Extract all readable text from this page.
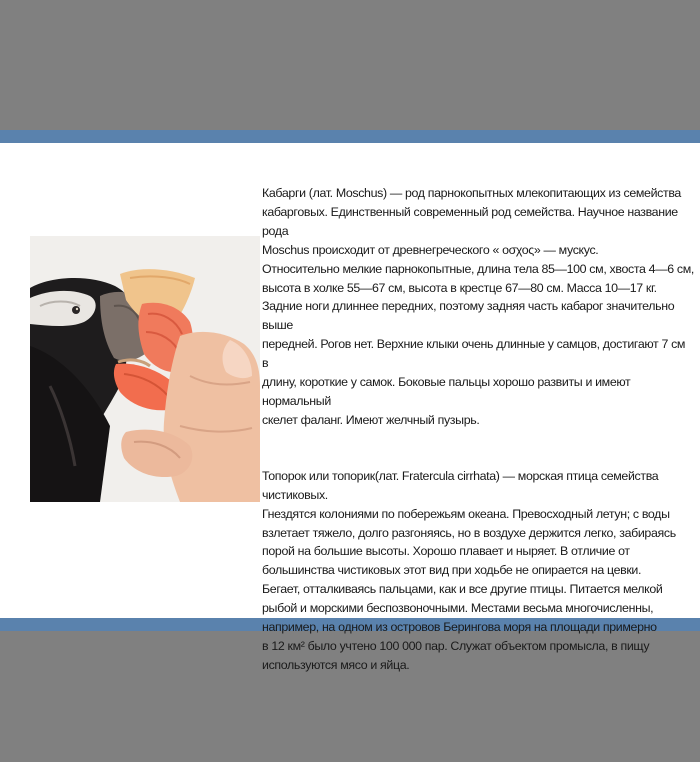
Кабарги (лат. Moschus) — род парнокопытных млекопитающих из семейства
кабарговых. Единственный современный род семейства. Научное название рода
Moschus происходит от древнегреческого « οσχος» — мускус.

Относительно мелкие парнокопытные, длина тела 85—100 см, хвоста 4—6 см,
высота в холке 55—67 см, высота в крестце 67—80 см. Масса 10—17 кг.
Задние ноги длиннее передних, поэтому задняя часть кабарог значительно выше
передней. Рогов нет. Верхние клыки очень длинные у самцов, достигают 7 см в
длину, короткие у самок. Боковые пальцы хорошо развиты и имеют нормальный
скелет фаланг. Имеют желчный пузырь.

Топорок или топорик(лат. Fratercula cirrhata) — морская птица семейства
чистиковых.

Гнездятся колониями по побережьям океана. Превосходный летун; с воды
взлетает тяжело, долго разгоняясь, но в воздухе держится легко, забираясь
порой на большие высоты. Хорошо плавает и ныряет. В отличие от
большинства чистиковых этот вид при ходьбе не опирается на цевки.
Бегает, отталкиваясь пальцами, как и все другие птицы. Питается мелкой
рыбой и морскими беспозвоночными. Местами весьма многочисленны,
например, на одном из островов Берингова моря на площади примерно
в 12 км² было учтено 100 000 пар. Служат объектом промысла, в пищу
используются мясо и яйца.
